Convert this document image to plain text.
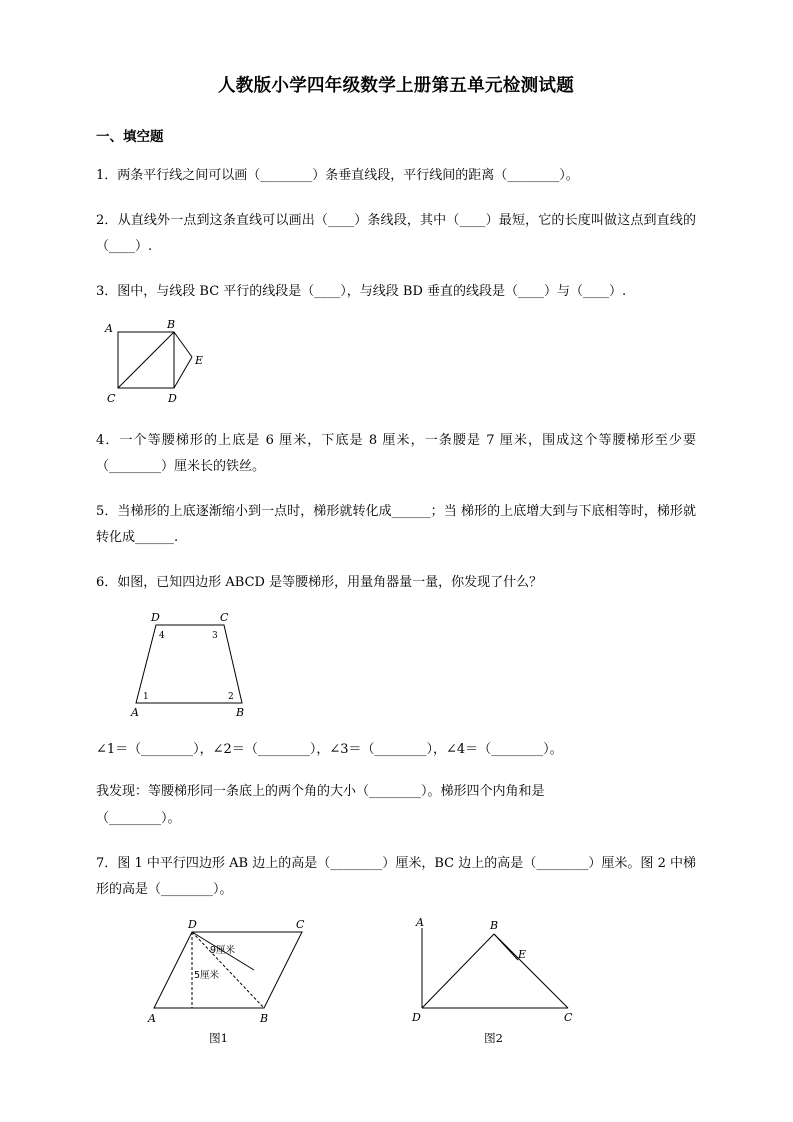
人教版小学四年级数学上册第五单元检测试题
一、填空题
1．两条平行线之间可以画（________）条垂直线段，平行线间的距离（________）。
2．从直线外一点到这条直线可以画出（____）条线段，其中（____）最短，它的长度叫做这点到直线的（____）.
3．图中，与线段 BC 平行的线段是（____），与线段 BD 垂直的线段是（____）与（____）.
A	B
C	D
E
4．一个等腰梯形的上底是 6 厘米，下底是 8 厘米，一条腰是 7 厘米，围成这个等腰梯形至少要（________）厘米长的铁丝。
5．当梯形的上底逐渐缩小到一点时，梯形就转化成______；当 梯形的上底增大到与下底相等时，梯形就转化成______.
6．如图，已知四边形 ABCD 是等腰梯形，用量角器量一量，你发现了什么？
D	C
A	B
4	3
1	2
∠1＝（________），∠2＝（________），∠3＝（________），∠4＝（________）。
我发现：等腰梯形同一条底上的两个角的大小（________）。梯形四个内角和是
（________）。
7．图 1 中平行四边形 AB 边上的高是（________）厘米，BC 边上的高是（________）厘米。图 2 中梯形的高是（________）。
D	C
A	B
9厘米
5厘米
图1
A	B
E
D	C
图2
